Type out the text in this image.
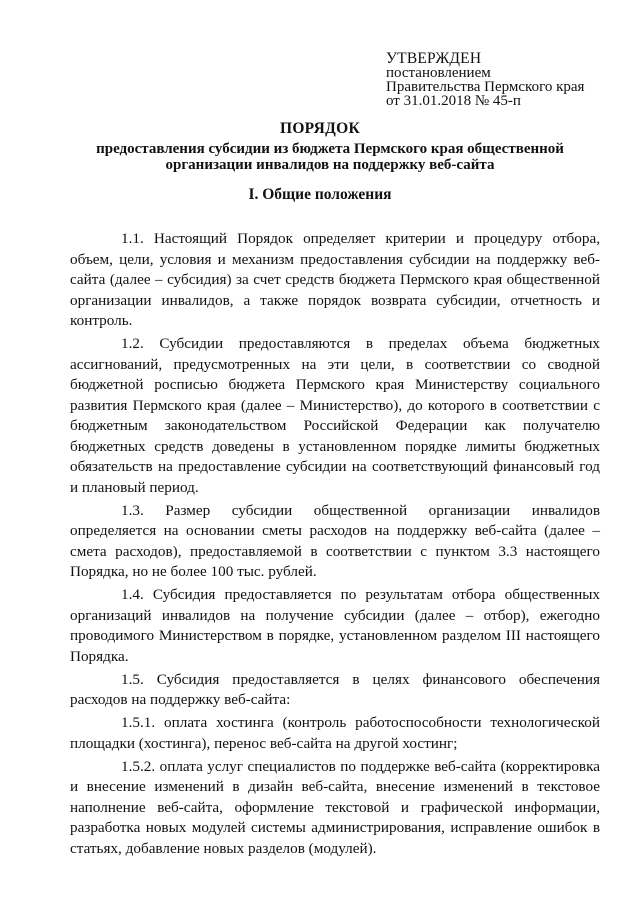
УТВЕРЖДЕН
постановлением
Правительства Пермского края
от 31.01.2018 № 45-п
ПОРЯДОК
предоставления субсидии из бюджета Пермского края общественной организации инвалидов на поддержку веб-сайта
I. Общие положения

1.1. Настоящий Порядок определяет критерии и процедуру отбора, объем, цели, условия и механизм предоставления субсидии на поддержку веб-сайта (далее – субсидия) за счет средств бюджета Пермского края общественной организации инвалидов, а также порядок возврата субсидии, отчетность и контроль.

1.2. Субсидии предоставляются в пределах объема бюджетных ассигнований, предусмотренных на эти цели, в соответствии со сводной бюджетной росписью бюджета Пермского края Министерству социального развития Пермского края (далее – Министерство), до которого в соответствии с бюджетным законодательством Российской Федерации как получателю бюджетных средств доведены в установленном порядке лимиты бюджетных обязательств на предоставление субсидии на соответствующий финансовый год и плановый период.

1.3. Размер субсидии общественной организации инвалидов определяется на основании сметы расходов на поддержку веб-сайта (далее – смета расходов), предоставляемой в соответствии с пунктом 3.3 настоящего Порядка, но не более 100 тыс. рублей.

1.4. Субсидия предоставляется по результатам отбора общественных организаций инвалидов на получение субсидии (далее – отбор), ежегодно проводимого Министерством в порядке, установленном разделом III настоящего Порядка.

1.5. Субсидия предоставляется в целях финансового обеспечения расходов на поддержку веб-сайта:

1.5.1. оплата хостинга (контроль работоспособности технологической площадки (хостинга), перенос веб-сайта на другой хостинг;

1.5.2. оплата услуг специалистов по поддержке веб-сайта (корректировка и внесение изменений в дизайн веб-сайта, внесение изменений в текстовое наполнение веб-сайта, оформление текстовой и графической информации, разработка новых модулей системы администрирования, исправление ошибок в статьях, добавление новых разделов (модулей).
